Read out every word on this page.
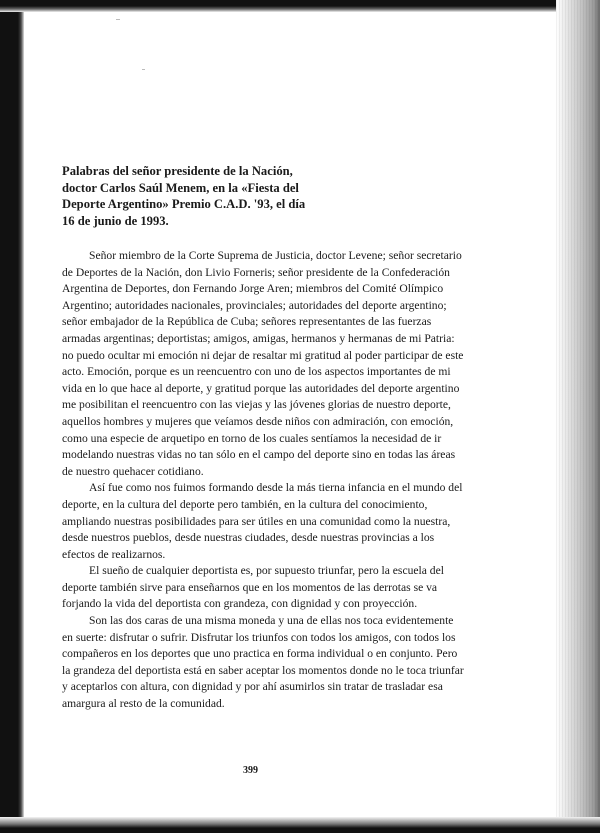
Palabras del señor presidente de la Nación,
doctor Carlos Saúl Menem, en la «Fiesta del
Deporte Argentino» Premio C.A.D. '93, el día
16 de junio de 1993.

Señor miembro de la Corte Suprema de Justicia, doctor Levene; señor secretario de Deportes de la Nación, don Livio Forneris; señor presidente de la Confederación Argentina de Deportes, don Fernando Jorge Aren; miembros del Comité Olímpico Argentino; autoridades nacionales, provinciales; autoridades del deporte argentino; señor embajador de la República de Cuba; señores representantes de las fuerzas armadas argentinas; deportistas; amigos, amigas, hermanos y hermanas de mi Patria: no puedo ocultar mi emoción ni dejar de resaltar mi gratitud al poder participar de este acto. Emoción, porque es un reencuentro con uno de los aspectos importantes de mi vida en lo que hace al deporte, y gratitud porque las autoridades del deporte argentino me posibilitan el reencuentro con las viejas y las jóvenes glorias de nuestro deporte, aquellos hombres y mujeres que veíamos desde niños con admiración, con emoción, como una especie de arquetipo en torno de los cuales sentíamos la necesidad de ir modelando nuestras vidas no tan sólo en el campo del deporte sino en todas las áreas de nuestro quehacer cotidiano.

Así fue como nos fuimos formando desde la más tierna infancia en el mundo del deporte, en la cultura del deporte pero también, en la cultura del conocimiento, ampliando nuestras posibilidades para ser útiles en una comunidad como la nuestra, desde nuestros pueblos, desde nuestras ciudades, desde nuestras provincias a los efectos de realizarnos.

El sueño de cualquier deportista es, por supuesto triunfar, pero la escuela del deporte también sirve para enseñarnos que en los momentos de las derrotas se va forjando la vida del deportista con grandeza, con dignidad y con proyección.

Son las dos caras de una misma moneda y una de ellas nos toca evidentemente en suerte: disfrutar o sufrir. Disfrutar los triunfos con todos los amigos, con todos los compañeros en los deportes que uno practica en forma individual o en conjunto. Pero la grandeza del deportista está en saber aceptar los momentos donde no le toca triunfar y aceptarlos con altura, con dignidad y por ahí asumirlos sin tratar de trasladar esa amargura al resto de la comunidad.

399
